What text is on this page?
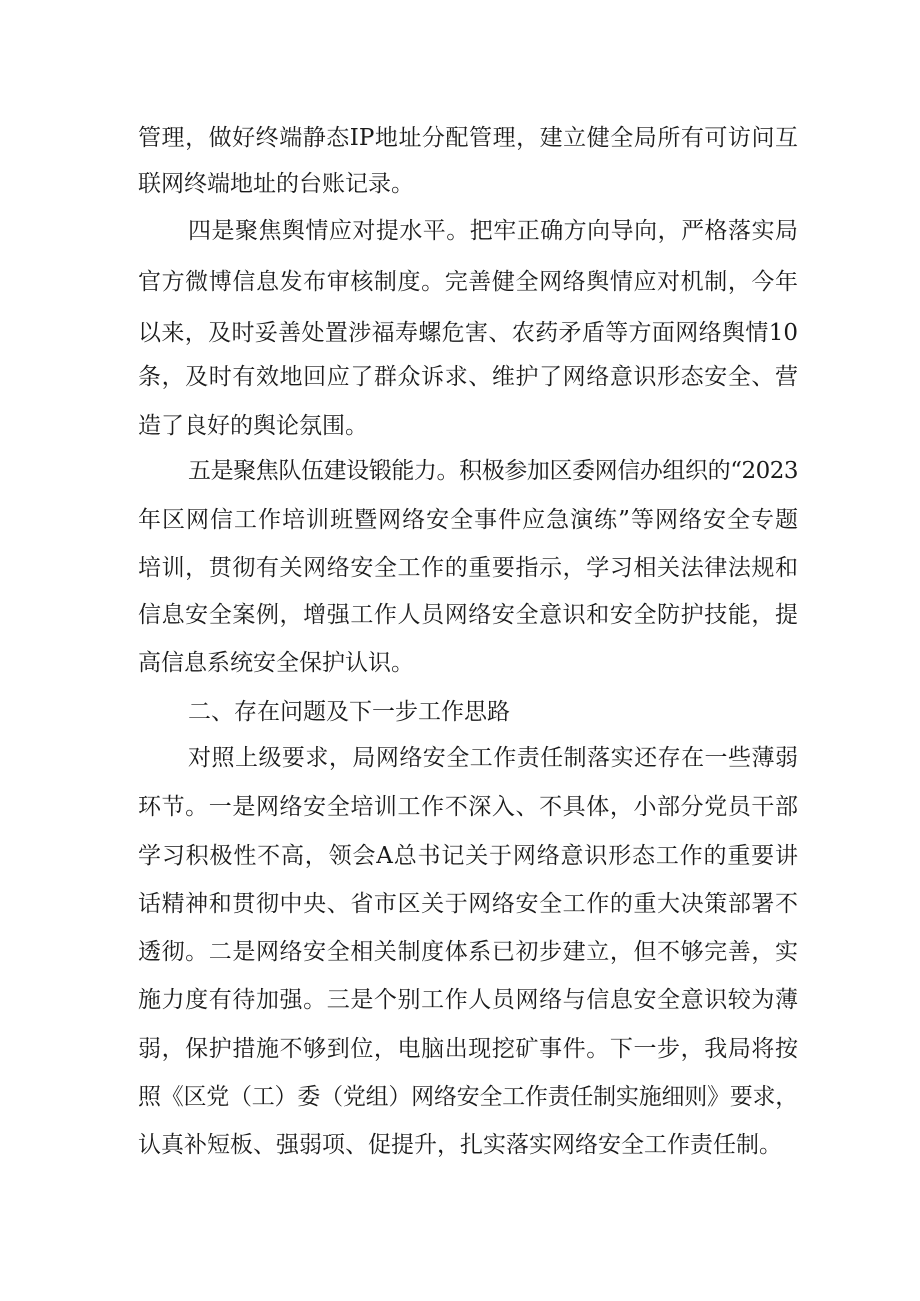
管理，做好终端静态IP地址分配管理，建立健全局所有可访问互
联网终端地址的台账记录。
四是聚焦舆情应对提水平。把牢正确方向导向，严格落实局
官方微博信息发布审核制度。完善健全网络舆情应对机制，今年
以来，及时妥善处置涉福寿螺危害、农药矛盾等方面网络舆情10
条，及时有效地回应了群众诉求、维护了网络意识形态安全、营
造了良好的舆论氛围。
五是聚焦队伍建设锻能力。积极参加区委网信办组织的“2023
年区网信工作培训班暨网络安全事件应急演练”等网络安全专题
培训，贯彻有关网络安全工作的重要指示，学习相关法律法规和
信息安全案例，增强工作人员网络安全意识和安全防护技能，提
高信息系统安全保护认识。
二、存在问题及下一步工作思路
对照上级要求，局网络安全工作责任制落实还存在一些薄弱
环节。一是网络安全培训工作不深入、不具体，小部分党员干部
学习积极性不高，领会A总书记关于网络意识形态工作的重要讲
话精神和贯彻中央、省市区关于网络安全工作的重大决策部署不
透彻。二是网络安全相关制度体系已初步建立，但不够完善，实
施力度有待加强。三是个别工作人员网络与信息安全意识较为薄
弱，保护措施不够到位，电脑出现挖矿事件。下一步，我局将按
照《区党（工）委（党组）网络安全工作责任制实施细则》要求，
认真补短板、强弱项、促提升，扎实落实网络安全工作责任制。
